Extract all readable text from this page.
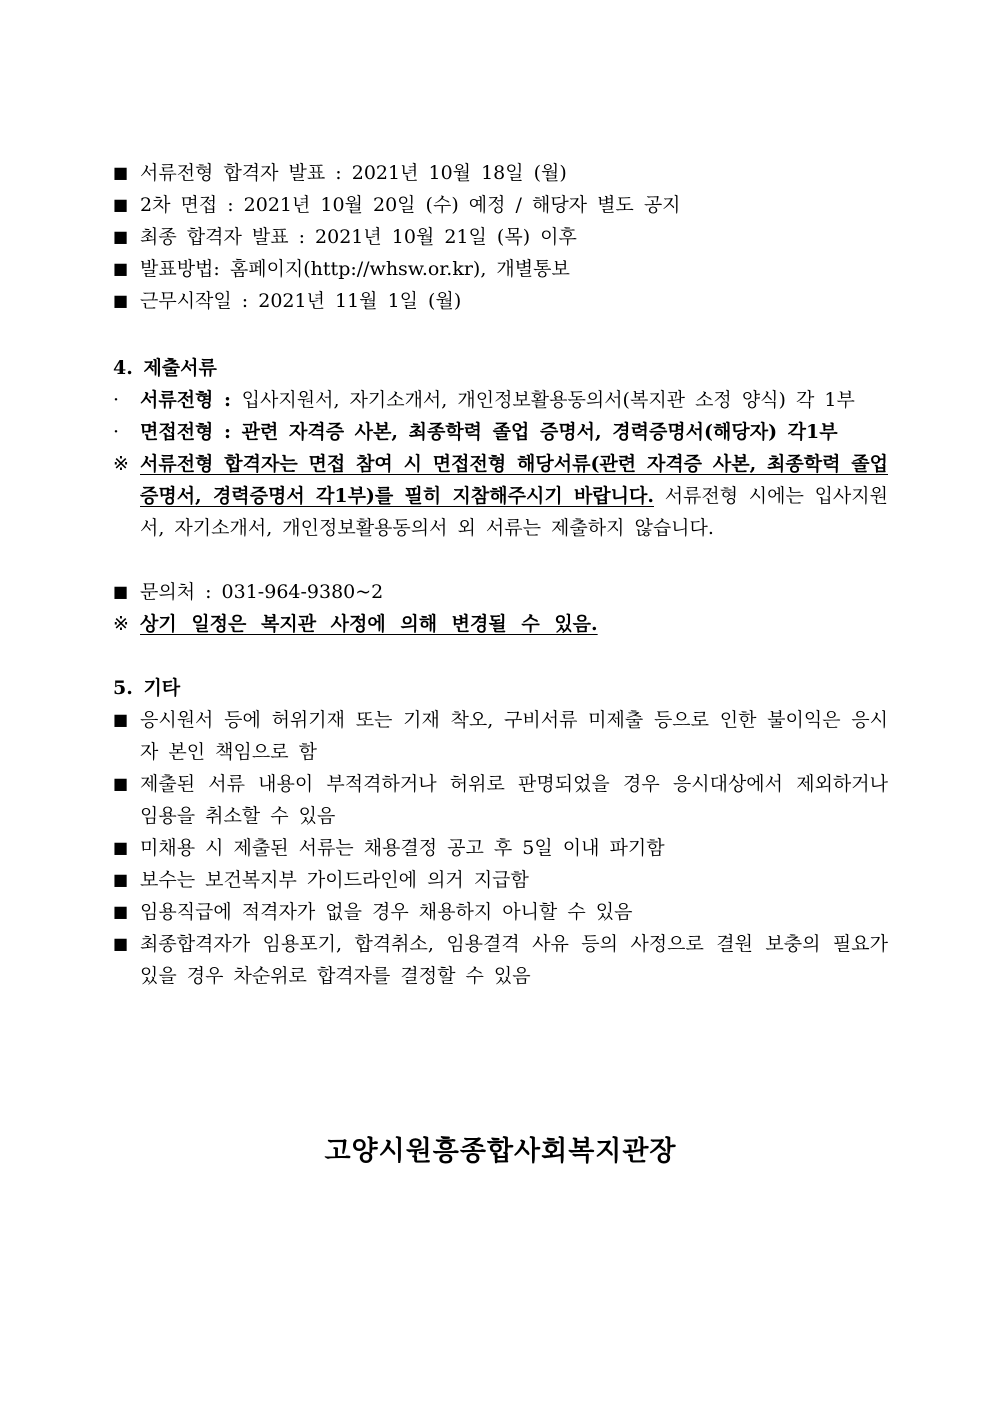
■ 서류전형 합격자 발표 : 2021년 10월 18일 (월)
■ 2차 면접 : 2021년 10월 20일 (수) 예정 / 해당자 별도 공지
■ 최종 합격자 발표 : 2021년 10월 21일 (목) 이후
■ 발표방법: 홈페이지(http://whsw.or.kr), 개별통보
■ 근무시작일 : 2021년 11월 1일 (월)
4. 제출서류
·	서류전형 : 입사지원서, 자기소개서, 개인정보활용동의서(복지관 소정 양식) 각 1부
·	면접전형 : 관련 자격증 사본, 최종학력 졸업 증명서, 경력증명서(해당자) 각1부
※ 서류전형 합격자는 면접 참여 시 면접전형 해당서류(관련 자격증 사본, 최종학력 졸업 증명서, 경력증명서 각1부)를 필히 지참해주시기 바랍니다. 서류전형 시에는 입사지원서, 자기소개서, 개인정보활용동의서 외 서류는 제출하지 않습니다.
■ 문의처 : 031-964-9380~2
※ 상기 일정은 복지관 사정에 의해 변경될 수 있음.
5. 기타
■ 응시원서 등에 허위기재 또는 기재 착오, 구비서류 미제출 등으로 인한 불이익은 응시자 본인 책임으로 함
■ 제출된 서류 내용이 부적격하거나 허위로 판명되었을 경우 응시대상에서 제외하거나 임용을 취소할 수 있음
■ 미채용 시 제출된 서류는 채용결정 공고 후 5일 이내 파기함
■ 보수는 보건복지부 가이드라인에 의거 지급함
■ 임용직급에 적격자가 없을 경우 채용하지 아니할 수 있음
■ 최종합격자가 임용포기, 합격취소, 임용결격 사유 등의 사정으로 결원 보충의 필요가 있을 경우 차순위로 합격자를 결정할 수 있음
고양시원흥종합사회복지관장
